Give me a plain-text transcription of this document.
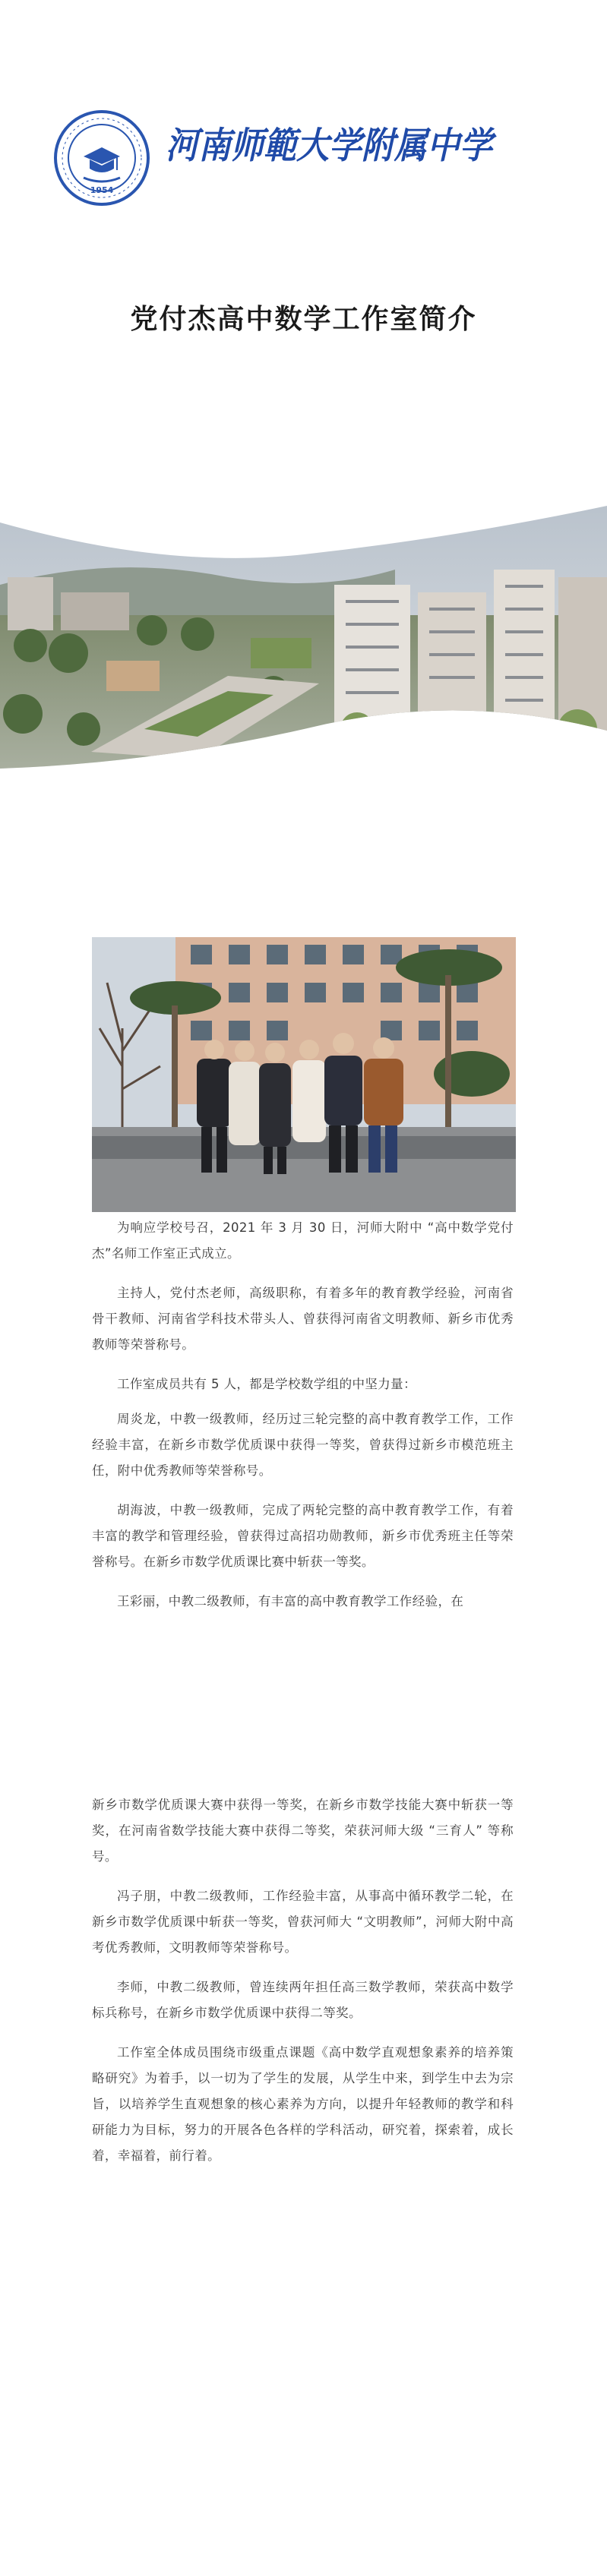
1954
河南师範大学附属中学
党付杰高中数学工作室简介

为响应学校号召，2021 年 3 月 30 日，河师大附中 “高中数学党付杰”名师工作室正式成立。

主持人，党付杰老师，高级职称，有着多年的教育教学经验，河南省骨干教师、河南省学科技术带头人、曾获得河南省文明教师、新乡市优秀教师等荣誉称号。

工作室成员共有 5 人，都是学校数学组的中坚力量：

周炎龙，中教一级教师，经历过三轮完整的高中教育教学工作，工作经验丰富，在新乡市数学优质课中获得一等奖，曾获得过新乡市模范班主任，附中优秀教师等荣誉称号。

胡海波，中教一级教师，完成了两轮完整的高中教育教学工作，有着丰富的教学和管理经验，曾获得过高招功勋教师，新乡市优秀班主任等荣誉称号。在新乡市数学优质课比赛中斩获一等奖。

王彩丽，中教二级教师，有丰富的高中教育教学工作经验，在

新乡市数学优质课大赛中获得一等奖，在新乡市数学技能大赛中斩获一等奖，在河南省数学技能大赛中获得二等奖，荣获河师大级 “三育人” 等称号。

冯子朋，中教二级教师，工作经验丰富，从事高中循环教学二轮，在新乡市数学优质课中斩获一等奖，曾获河师大 “文明教师”，河师大附中高考优秀教师，文明教师等荣誉称号。

李师，中教二级教师，曾连续两年担任高三数学教师，荣获高中数学标兵称号，在新乡市数学优质课中获得二等奖。

工作室全体成员围绕市级重点课题《高中数学直观想象素养的培养策略研究》为着手，以一切为了学生的发展，从学生中来，到学生中去为宗旨，以培养学生直观想象的核心素养为方向，以提升年轻教师的教学和科研能力为目标，努力的开展各色各样的学科活动，研究着，探索着，成长着，幸福着，前行着。
